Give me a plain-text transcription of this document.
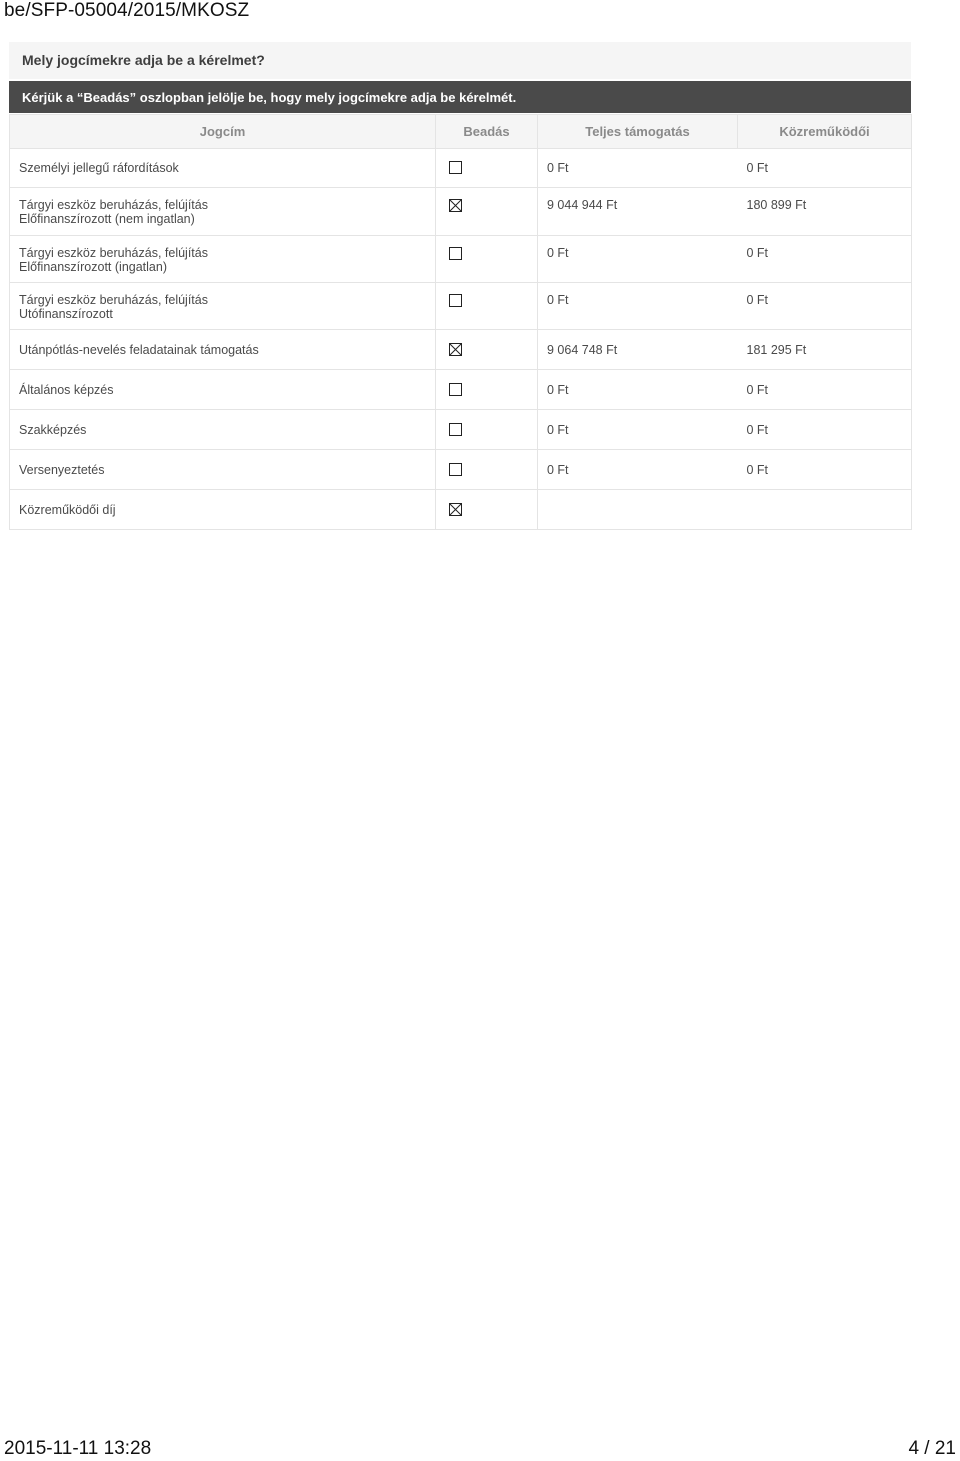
be/SFP-05004/2015/MKOSZ
Mely jogcímekre adja be a kérelmet?
Kérjük a “Beadás” oszlopban jelölje be, hogy mely jogcímekre adja be kérelmét.
Jogcím	Beadás	Teljes támogatás	Közreműködői

Személyi jellegű ráfordítások		0 Ft	0 Ft

Tárgyi eszköz beruházás, felújítás
Előfinanszírozott (nem ingatlan)		9 044 944 Ft	180 899 Ft

Tárgyi eszköz beruházás, felújítás
Előfinanszírozott (ingatlan)		0 Ft	0 Ft

Tárgyi eszköz beruházás, felújítás
Utófinanszírozott		0 Ft	0 Ft

Utánpótlás-nevelés feladatainak támogatás		9 064 748 Ft	181 295 Ft

Általános képzés		0 Ft	0 Ft

Szakképzés		0 Ft	0 Ft

Versenyeztetés		0 Ft	0 Ft

Közreműködői díj

2015-11-11 13:28	4 / 21
